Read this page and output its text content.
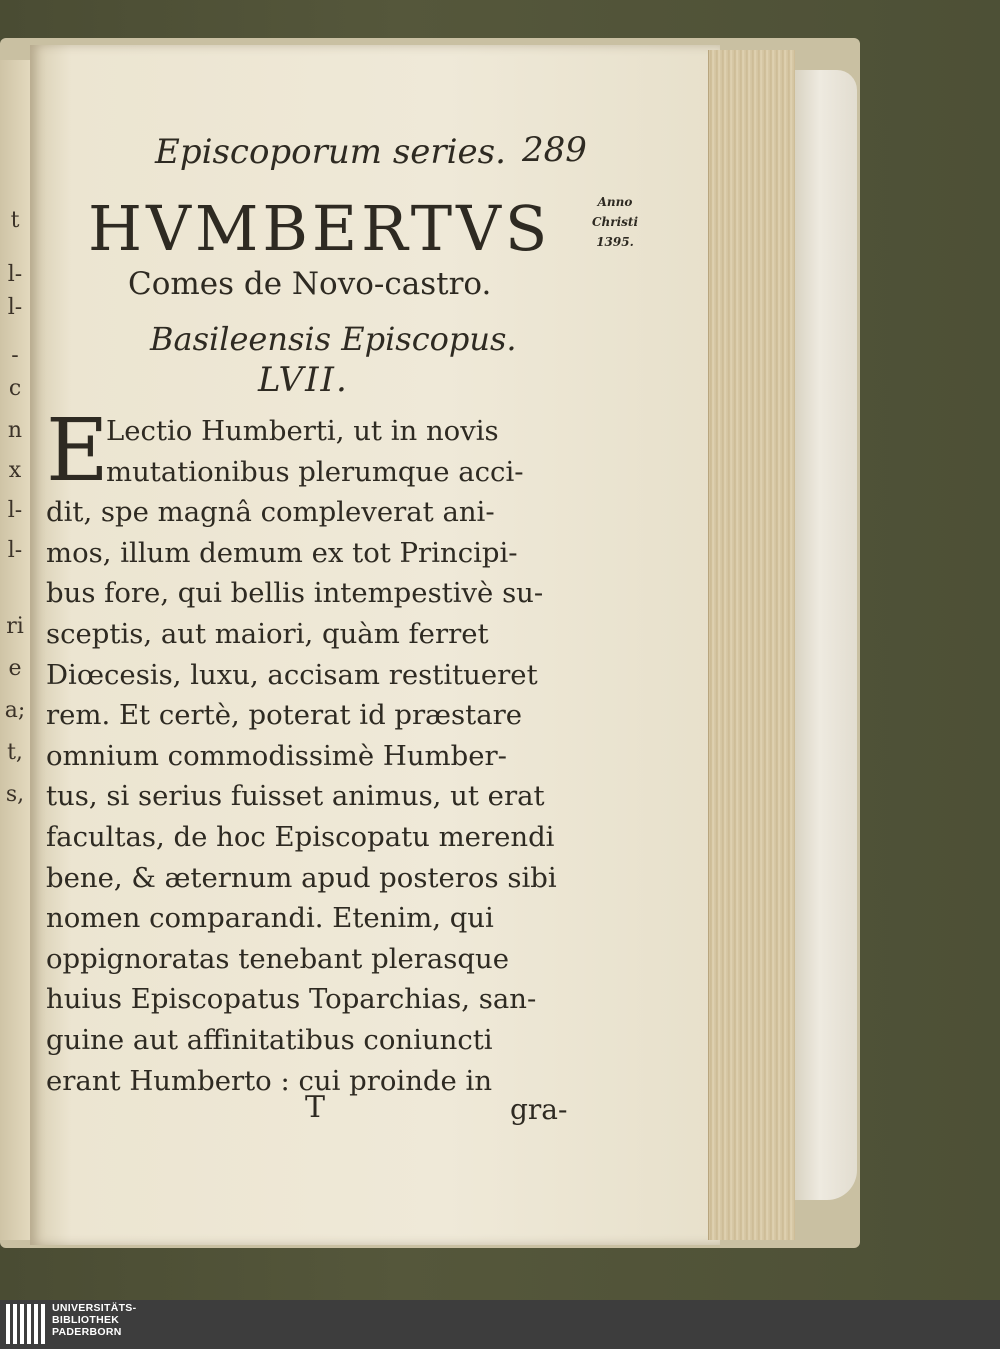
t
l-
l-
-
c
n
x
l-
l-
ri
e
a;
t,
s,
Episcoporum series. 289
Anno
Christi
1395.
HVMBERTVS
Comes de Novo-castro.
Basileensis Episcopus.
LVII.
E
Lectio Humberti, ut in novis
mutationibus plerumque acci-
dit, spe magnâ compleverat ani-
mos, illum demum ex tot Principi-
bus fore, qui bellis intempestivè su-
sceptis, aut maiori, quàm ferret
Diœcesis, luxu, accisam restitueret
rem. Et certè, poterat id præstare
omnium commodissimè Humber-
tus, si serius fuisset animus, ut erat
facultas, de hoc Episcopatu merendi
bene, & æternum apud posteros sibi
nomen comparandi. Etenim, qui
oppignoratas tenebant plerasque
huius Episcopatus Toparchias, san-
guine aut affinitatibus coniuncti
erant Humberto : cui proinde in
T	gra-
UNIVERSITÄTS-
BIBLIOTHEK
PADERBORN
